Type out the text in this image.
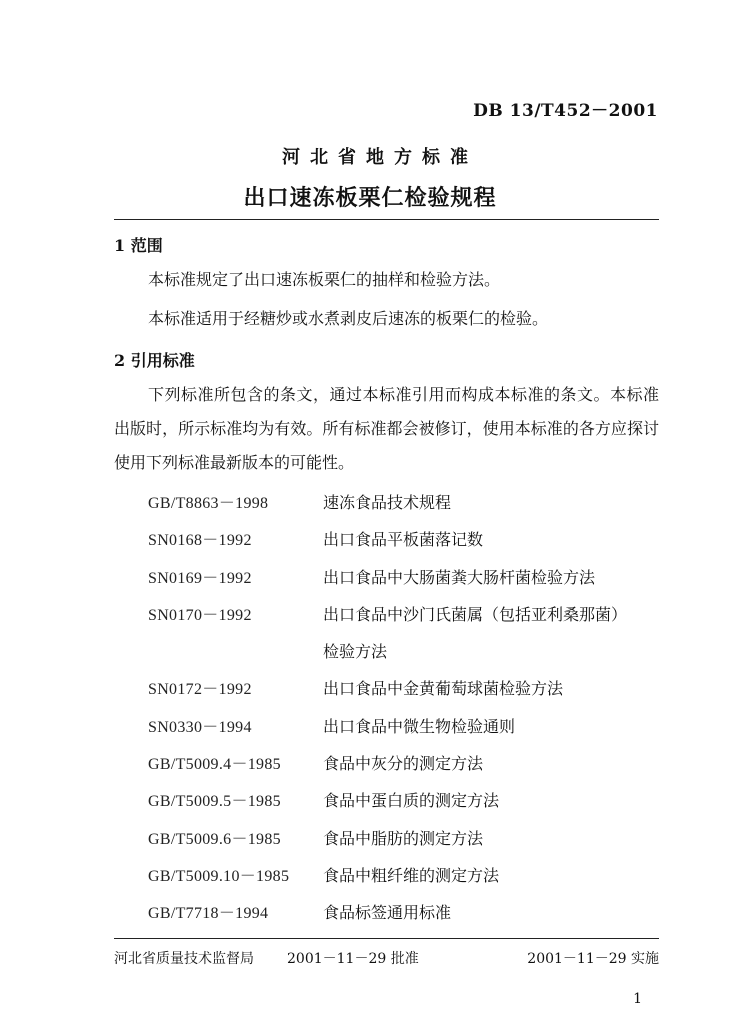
DB 13/T452－2001
河北省地方标准
出口速冻板栗仁检验规程
1 范围
本标准规定了出口速冻板栗仁的抽样和检验方法。
本标准适用于经糖炒或水煮剥皮后速冻的板栗仁的检验。
2 引用标准
下列标准所包含的条文，通过本标准引用而构成本标准的条文。本标准出版时，所示标准均为有效。所有标准都会被修订，使用本标准的各方应探讨使用下列标准最新版本的可能性。
GB/T8863－1998	速冻食品技术规程
SN0168－1992	出口食品平板菌落记数
SN0169－1992	出口食品中大肠菌粪大肠杆菌检验方法
SN0170－1992	出口食品中沙门氏菌属（包括亚利桑那菌）
检验方法
SN0172－1992	出口食品中金黄葡萄球菌检验方法
SN0330－1994	出口食品中微生物检验通则
GB/T5009.4－1985	食品中灰分的测定方法
GB/T5009.5－1985	食品中蛋白质的测定方法
GB/T5009.6－1985	食品中脂肪的测定方法
GB/T5009.10－1985	食品中粗纤维的测定方法
GB/T7718－1994	食品标签通用标准
河北省质量技术监督局 2001－11－29 批准	2001－11－29 实施
1
